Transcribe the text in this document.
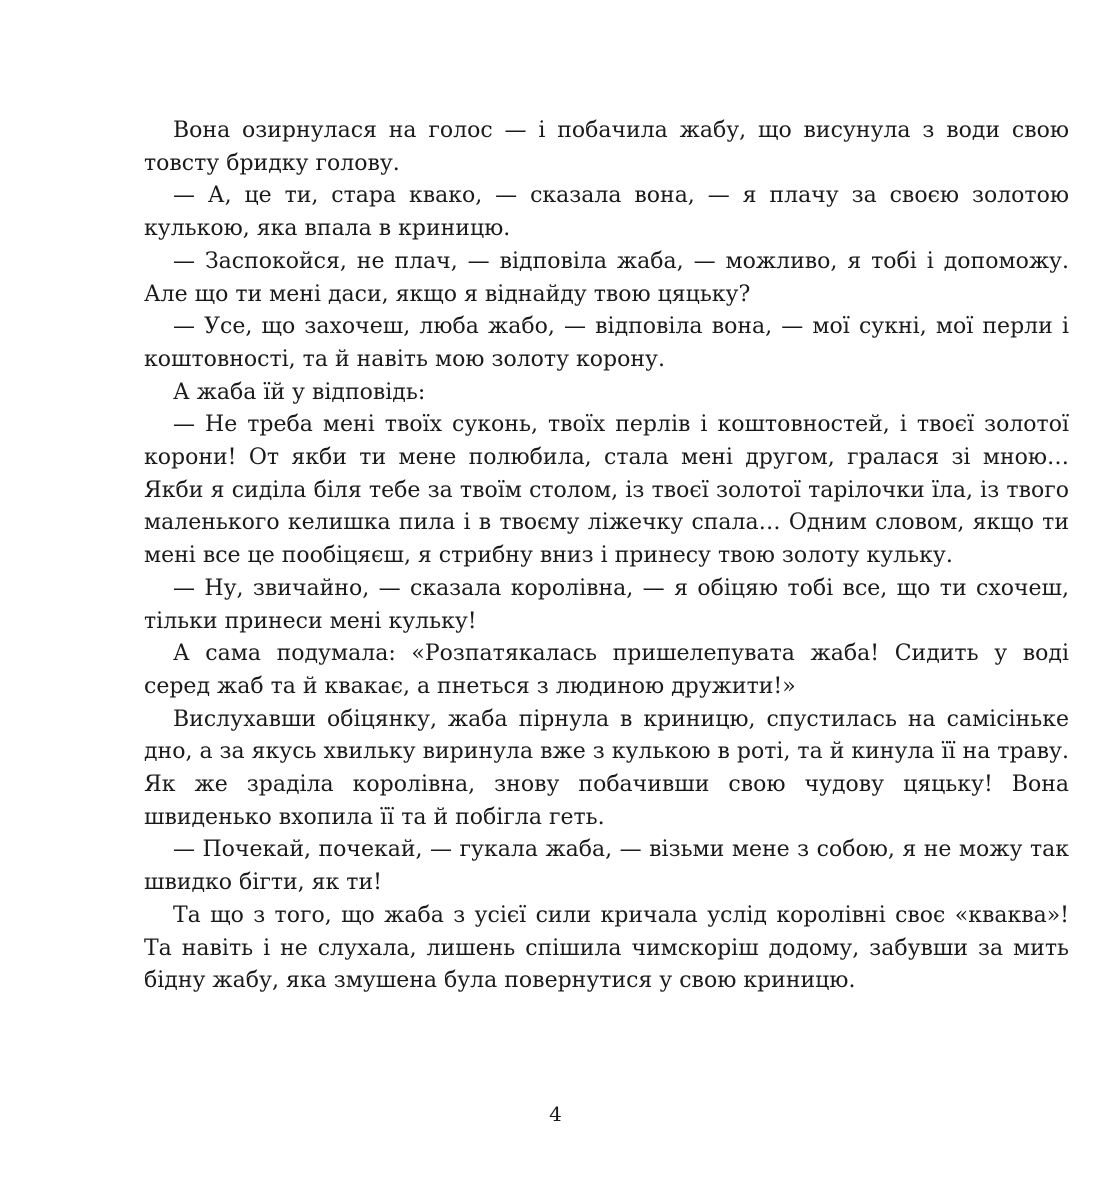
Вона озирнулася на голос — і побачила жабу, що висунула з води свою товсту бридку голову.

— А, це ти, стара квако, — сказала вона, — я плачу за своєю золотою кулькою, яка впала в криницю.

— Заспокойся, не плач, — відповіла жаба, — можливо, я тобі і допоможу. Але що ти мені даси, якщо я віднайду твою цяцьку?

— Усе, що захочеш, люба жабо, — відповіла вона, — мої сукні, мої перли і коштовності, та й навіть мою золоту корону.

А жаба їй у відповідь:

— Не треба мені твоїх суконь, твоїх перлів і коштовностей, і твоєї золотої корони! От якби ти мене полюбила, стала мені другом, гралася зі мною… Якби я сиділа біля тебе за твоїм столом, із твоєї золотої тарілочки їла, із твого маленького келишка пила і в твоєму ліжечку спала… Одним словом, якщо ти мені все це пообіцяєш, я стрибну вниз і принесу твою золоту кульку.

— Ну, звичайно, — сказала королівна, — я обіцяю тобі все, що ти схочеш, тільки принеси мені кульку!

А сама подумала: «Розпатякалась пришелепувата жаба! Сидить у воді серед жаб та й квакає, а пнеться з людиною дружити!»

Вислухавши обіцянку, жаба пірнула в криницю, спустилась на самісіньке дно, а за якусь хвильку виринула вже з кулькою в роті, та й кинула її на траву. Як же зраділа королівна, знову побачивши свою чудову цяцьку! Вона швиденько вхопила її та й побігла геть.

— Почекай, почекай, — гукала жаба, — візьми мене з собою, я не можу так швидко бігти, як ти!

Та що з того, що жаба з усієї сили кричала услід королівні своє «кваква»! Та навіть і не слухала, лишень спішила чимскоріш додому, забувши за мить бідну жабу, яка змушена була повернутися у свою криницю.

4
